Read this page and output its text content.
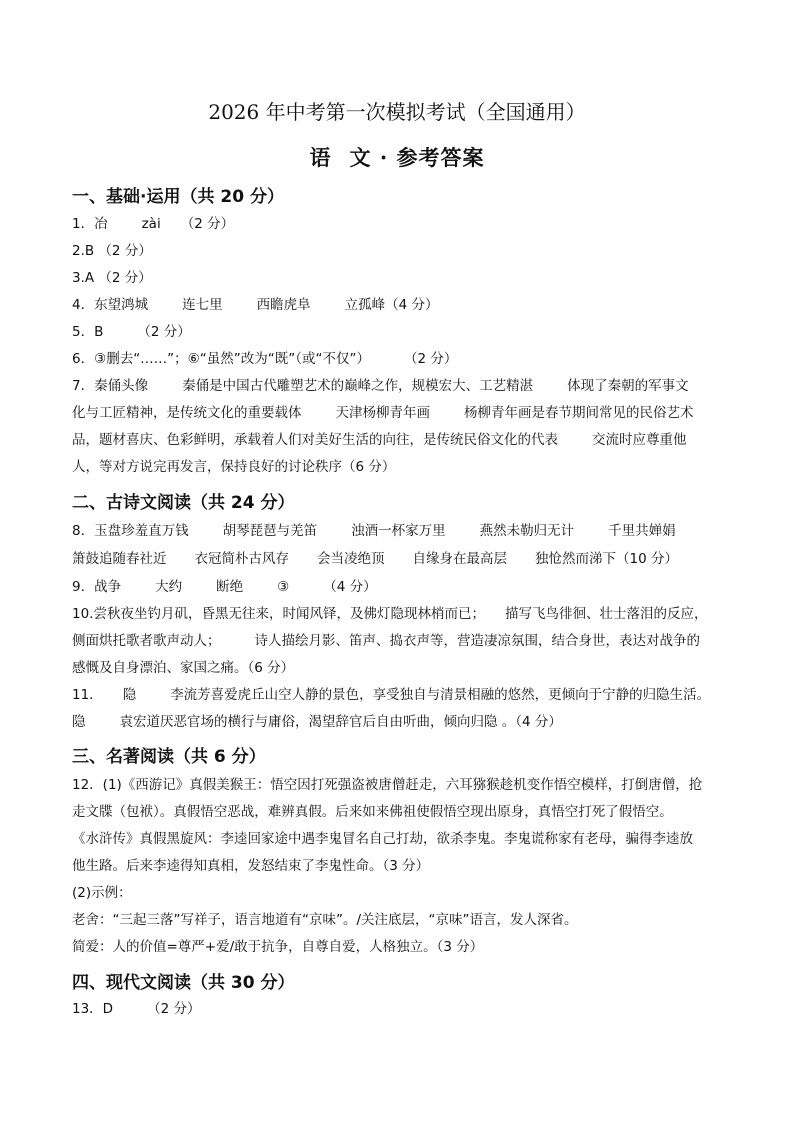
2026 年中考第一次模拟考试（全国通用）
语 文 · 参考答案
一、基础·运用（共 20 分）
1．冶	zài （2 分）
2.B （2 分）
3.A （2 分）
4．东望鸿城	连七里	西瞻虎阜	立孤峰（4 分）
5．B	（2 分）
6．③删去“……”；⑥“虽然”改为“既”（或“不仅”）	（2 分）
7．秦俑头像	秦俑是中国古代雕塑艺术的巅峰之作，规模宏大、工艺精湛	体现了秦朝的军事文
化与工匠精神，是传统文化的重要载体	天津杨柳青年画	杨柳青年画是春节期间常见的民俗艺术
品，题材喜庆、色彩鲜明，承载着人们对美好生活的向往，是传统民俗文化的代表	交流时应尊重他
人，等对方说完再发言，保持良好的讨论秩序（6 分）
二、古诗文阅读（共 24 分）
8．玉盘珍羞直万钱	胡琴琵琶与羌笛	浊酒一杯家万里	燕然未勒归无计	千里共婵娟
箫鼓追随春社近 衣冠简朴古风存 会当凌绝顶 自缘身在最高层 独怆然而涕下（10 分）
9．战争	大约	断绝	③	（4 分）
10.尝秋夜坐钓月矶，昏黑无往来，时闻风铎，及佛灯隐现林梢而已； 描写飞鸟徘徊、壮士落泪的反应，
侧面烘托歌者歌声动人；	诗人描绘月影、笛声、捣衣声等，营造凄凉氛围，结合身世，表达对战争的
感慨及自身漂泊、家国之痛。（6 分）
11． 隐	李流芳喜爱虎丘山空人静的景色，享受独自与清景相融的悠然，更倾向于宁静的归隐生活。
隐	袁宏道厌恶官场的横行与庸俗，渴望辞官后自由听曲，倾向归隐 。（4 分）
三、名著阅读（共 6 分）
12．(1)《西游记》真假美猴王：悟空因打死强盗被唐僧赶走，六耳猕猴趁机变作悟空模样，打倒唐僧，抢
走文牒（包袱）。真假悟空恶战，难辨真假。后来如来佛祖使假悟空现出原身，真悟空打死了假悟空。
《水浒传》真假黑旋风：李逵回家途中遇李鬼冒名自己打劫，欲杀李鬼。李鬼谎称家有老母，骗得李逵放
他生路。后来李逵得知真相，发怒结束了李鬼性命。（3 分）
(2)示例：
老舍：“三起三落”写祥子，语言地道有“京味”。/关注底层，“京味”语言，发人深省。
简爱：人的价值=尊严+爱/敢于抗争，自尊自爱，人格独立。（3 分）
四、现代文阅读（共 30 分）
13．D	（2 分）
